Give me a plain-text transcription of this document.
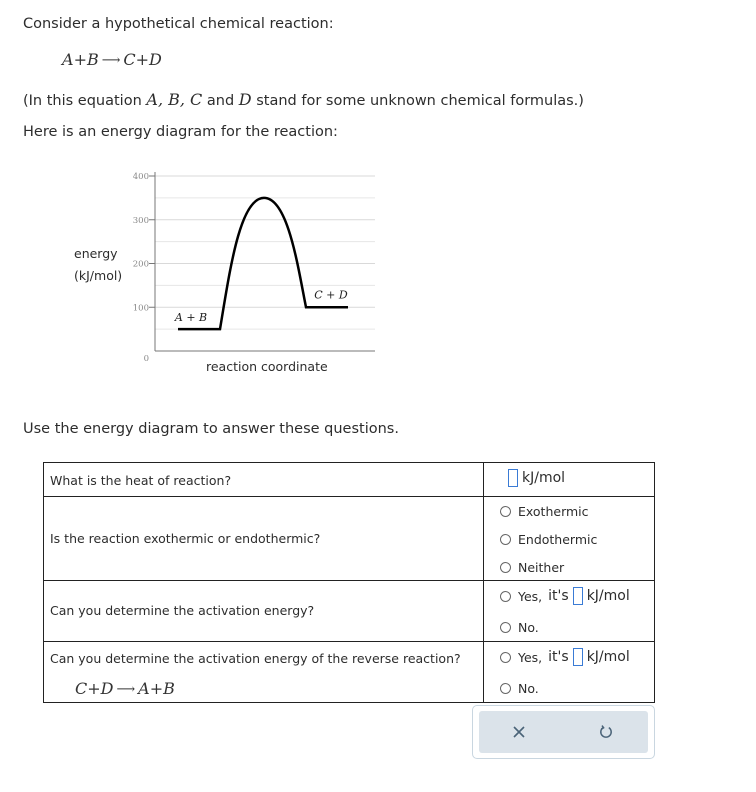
Consider a hypothetical chemical reaction:
A+B ⟶ C+D
(In this equation A, B, C and D stand for some unknown chemical formulas.)
Here is an energy diagram for the reaction:
energy
(kJ/mol)
0
100
200
300
400
A + B
C + D
reaction coordinate
Use the energy diagram to answer these questions.
What is the heat of reaction?	kJ/mol
Is the reaction exothermic or endothermic?
Exothermic
Endothermic
Neither
Can you determine the activation energy?
Yes, it's kJ/mol
No.
Can you determine the activation energy of the reverse reaction?
C+D ⟶ A+B
Yes, it's kJ/mol
No.
